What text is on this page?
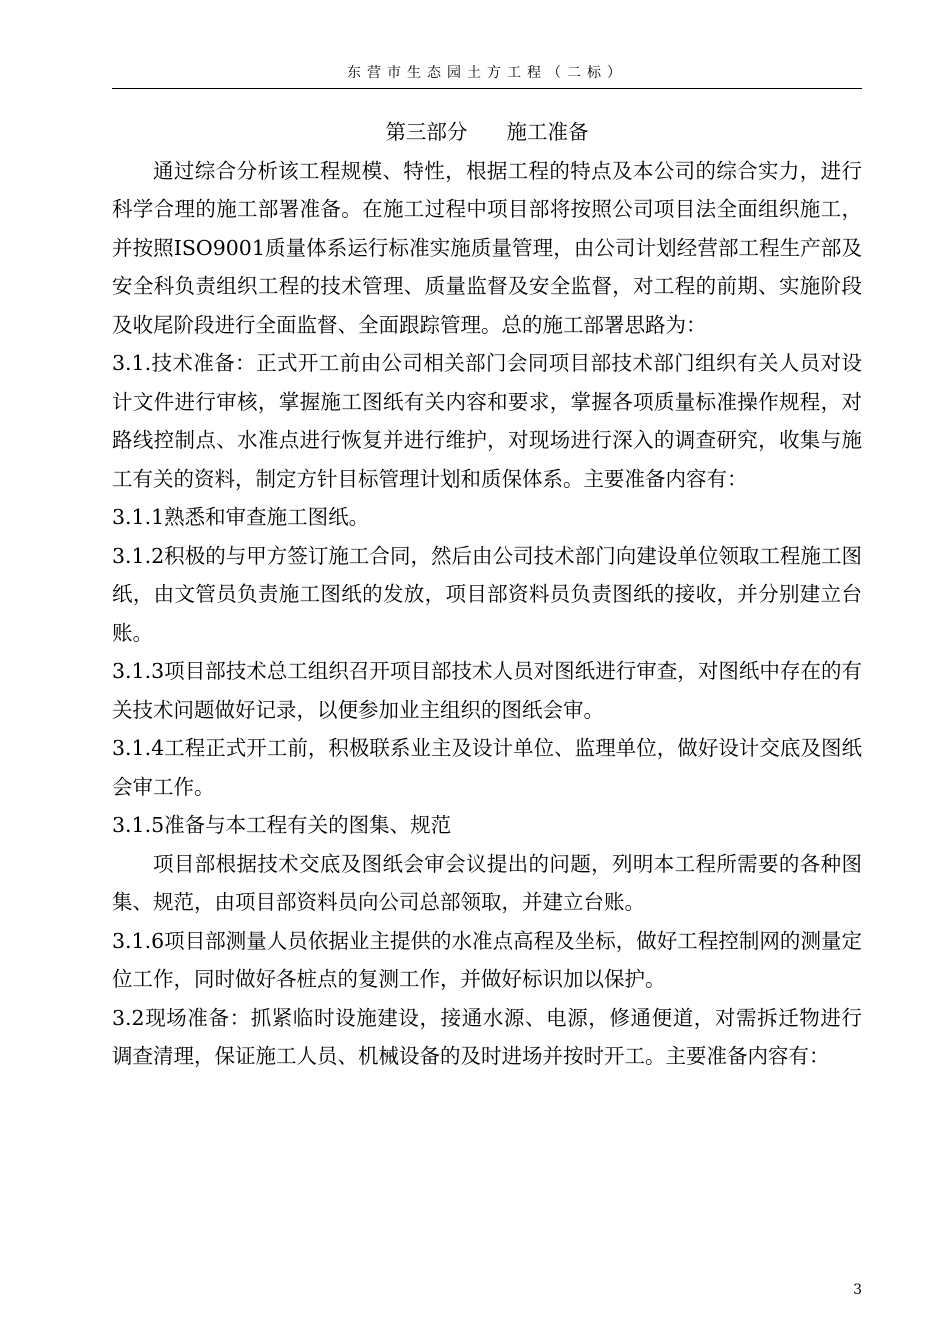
东营市生态园土方工程（二标）

第三部分      施工准备

通过综合分析该工程规模、特性，根据工程的特点及本公司的综合实力，进行科学合理的施工部署准备。在施工过程中项目部将按照公司项目法全面组织施工，并按照ISO9001质量体系运行标准实施质量管理，由公司计划经营部工程生产部及安全科负责组织工程的技术管理、质量监督及安全监督，对工程的前期、实施阶段及收尾阶段进行全面监督、全面跟踪管理。总的施工部署思路为：

3.1.技术准备：正式开工前由公司相关部门会同项目部技术部门组织有关人员对设计文件进行审核，掌握施工图纸有关内容和要求，掌握各项质量标准操作规程，对路线控制点、水准点进行恢复并进行维护，对现场进行深入的调查研究，收集与施工有关的资料，制定方针目标管理计划和质保体系。主要准备内容有：

3.1.1熟悉和审查施工图纸。

3.1.2积极的与甲方签订施工合同，然后由公司技术部门向建设单位领取工程施工图纸，由文管员负责施工图纸的发放，项目部资料员负责图纸的接收，并分别建立台账。

3.1.3项目部技术总工组织召开项目部技术人员对图纸进行审查，对图纸中存在的有关技术问题做好记录，以便参加业主组织的图纸会审。

3.1.4工程正式开工前，积极联系业主及设计单位、监理单位，做好设计交底及图纸会审工作。

3.1.5准备与本工程有关的图集、规范

项目部根据技术交底及图纸会审会议提出的问题，列明本工程所需要的各种图集、规范，由项目部资料员向公司总部领取，并建立台账。

3.1.6项目部测量人员依据业主提供的水准点高程及坐标，做好工程控制网的测量定位工作，同时做好各桩点的复测工作，并做好标识加以保护。

3.2现场准备：抓紧临时设施建设，接通水源、电源，修通便道，对需拆迁物进行调查清理，保证施工人员、机械设备的及时进场并按时开工。主要准备内容有：

3
